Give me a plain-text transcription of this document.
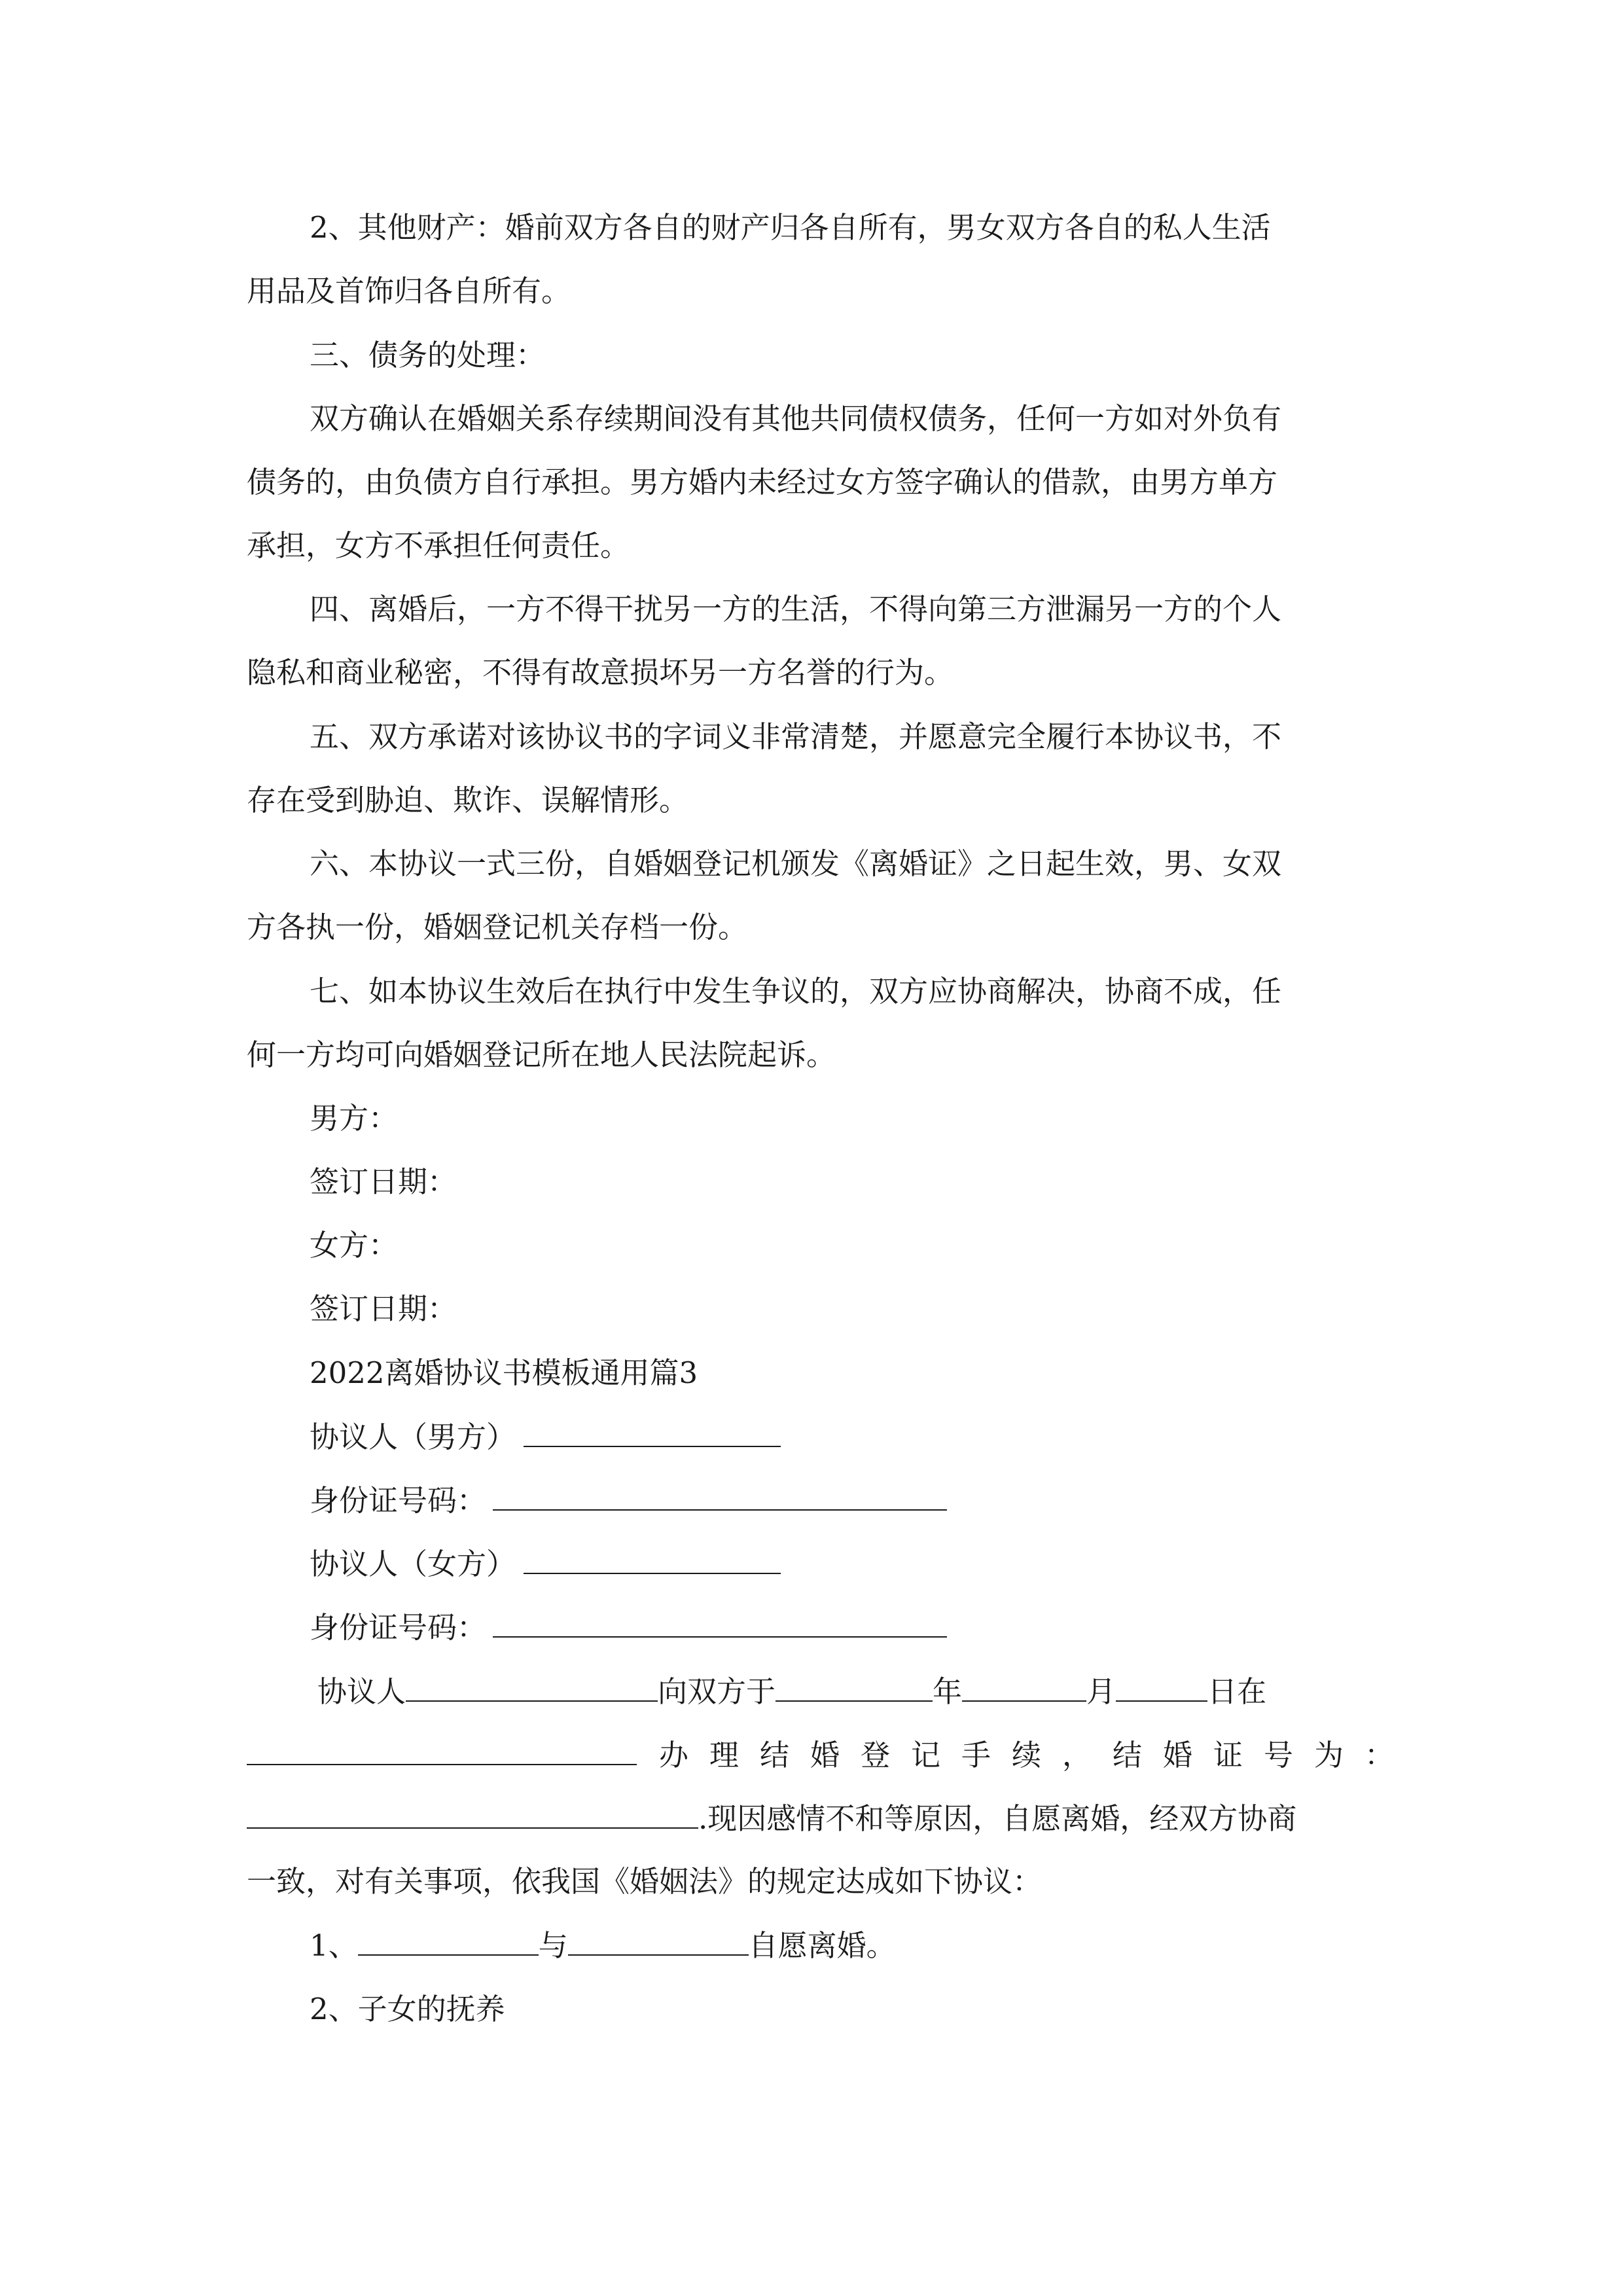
2、其他财产：婚前双方各自的财产归各自所有，男女双方各自的私人生活
用品及首饰归各自所有。
三、债务的处理：
双方确认在婚姻关系存续期间没有其他共同债权债务，任何一方如对外负有
债务的，由负债方自行承担。男方婚内未经过女方签字确认的借款，由男方单方
承担，女方不承担任何责任。
四、离婚后，一方不得干扰另一方的生活，不得向第三方泄漏另一方的个人
隐私和商业秘密，不得有故意损坏另一方名誉的行为。
五、双方承诺对该协议书的字词义非常清楚，并愿意完全履行本协议书，不
存在受到胁迫、欺诈、误解情形。
六、本协议一式三份，自婚姻登记机颁发《离婚证》之日起生效，男、女双
方各执一份，婚姻登记机关存档一份。
七、如本协议生效后在执行中发生争议的，双方应协商解决，协商不成，任
何一方均可向婚姻登记所在地人民法院起诉。
男方：
签订日期：
女方：
签订日期：
2022离婚协议书模板通用篇3
协议人（男方）
身份证号码：
协议人（女方）
身份证号码：
协议人	向双方于	年	月	日在
办理结婚登记手续，结婚证号为：
.现因感情不和等原因，自愿离婚，经双方协商
一致，对有关事项，依我国《婚姻法》的规定达成如下协议：
1、	与	自愿离婚。
2、子女的抚养
